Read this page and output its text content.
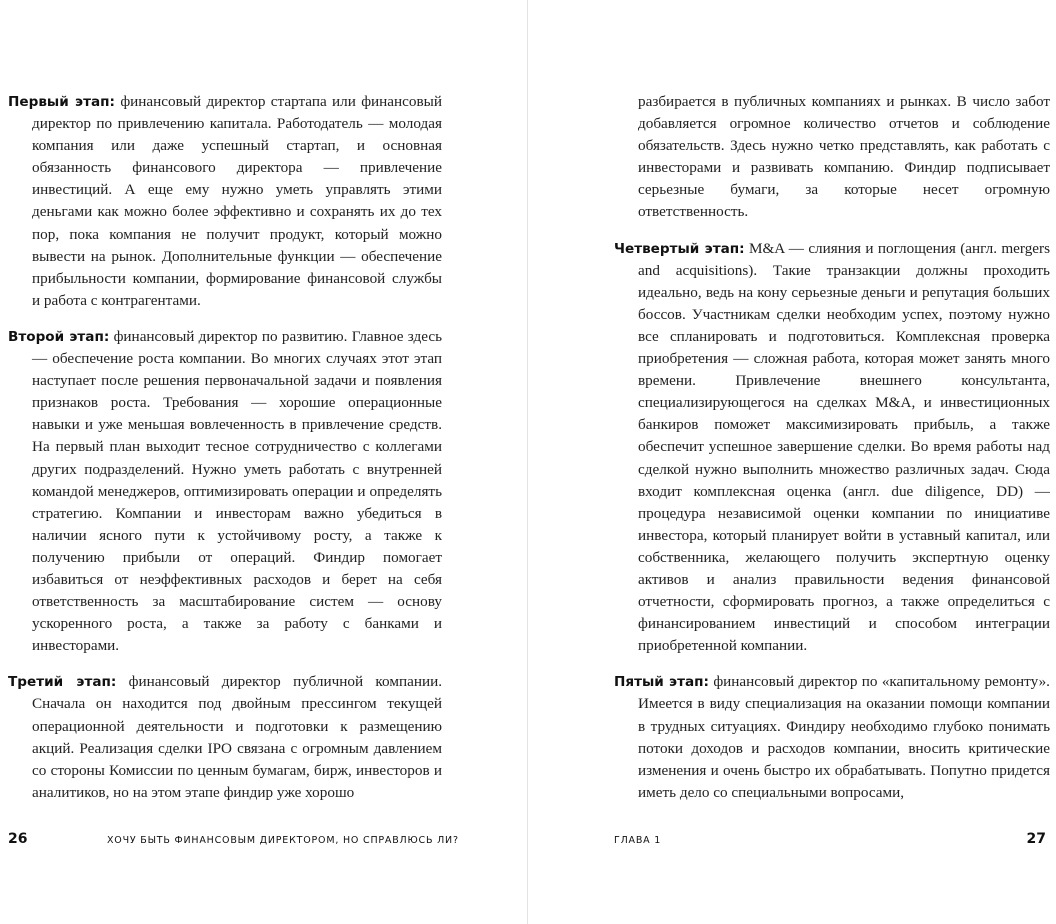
Первый этап: финансовый директор стартапа или финансовый директор по привлечению капитала. Работодатель — молодая компания или даже успешный стартап, и основная обязанность финансового директора — привлечение инвестиций. А еще ему нужно уметь управлять этими деньгами как можно более эффективно и сохранять их до тех пор, пока компания не получит продукт, который можно вывести на рынок. Дополнительные функции — обеспечение прибыльности компании, формирование финансовой службы и работа с контрагентами.

Второй этап: финансовый директор по развитию. Главное здесь — обеспечение роста компании. Во многих случаях этот этап наступает после решения первоначальной задачи и появления признаков роста. Требования — хорошие операционные навыки и уже меньшая вовлеченность в привлечение средств. На первый план выходит тесное сотрудничество с коллегами других подразделений. Нужно уметь работать с внутренней командой менеджеров, оптимизировать операции и определять стратегию. Компании и инвесторам важно убедиться в наличии ясного пути к устойчивому росту, а также к получению прибыли от операций. Финдир помогает избавиться от неэффективных расходов и берет на себя ответственность за масштабирование систем — основу ускоренного роста, а также за работу с банками и инвесторами.

Третий этап: финансовый директор публичной компании. Сначала он находится под двойным прессингом текущей операционной деятельности и подготовки к размещению акций. Реализация сделки IPO связана с огромным давлением со стороны Комиссии по ценным бумагам, бирж, инвесторов и аналитиков, но на этом этапе финдир уже хорошо

разбирается в публичных компаниях и рынках. В число забот добавляется огромное количество отчетов и соблюдение обязательств. Здесь нужно четко представлять, как работать с инвесторами и развивать компанию. Финдир подписывает серьезные бумаги, за которые несет огромную ответственность.

Четвертый этап: M&A — слияния и поглощения (англ. mergers and acquisitions). Такие транзакции должны проходить идеально, ведь на кону серьезные деньги и репутация больших боссов. Участникам сделки необходим успех, поэтому нужно все спланировать и подготовиться. Комплексная проверка приобретения — сложная работа, которая может занять много времени. Привлечение внешнего консультанта, специализирующегося на сделках M&A, и инвестиционных банкиров поможет максимизировать прибыль, а также обеспечит успешное завершение сделки. Во время работы над сделкой нужно выполнить множество различных задач. Сюда входит комплексная оценка (англ. due diligence, DD) — процедура независимой оценки компании по инициативе инвестора, который планирует войти в уставный капитал, или собственника, желающего получить экспертную оценку активов и анализ правильности ведения финансовой отчетности, сформировать прогноз, а также определиться с финансированием инвестиций и способом интеграции приобретенной компании.

Пятый этап: финансовый директор по «капитальному ремонту». Имеется в виду специализация на оказании помощи компании в трудных ситуациях. Финдиру необходимо глубоко понимать потоки доходов и расходов компании, вносить критические изменения и очень быстро их обрабатывать. Попутно придется иметь дело со специальными вопросами,

26	ХОЧУ БЫТЬ ФИНАНСОВЫМ ДИРЕКТОРОМ, НО СПРАВЛЮСЬ ЛИ?	ГЛАВА 1	27
